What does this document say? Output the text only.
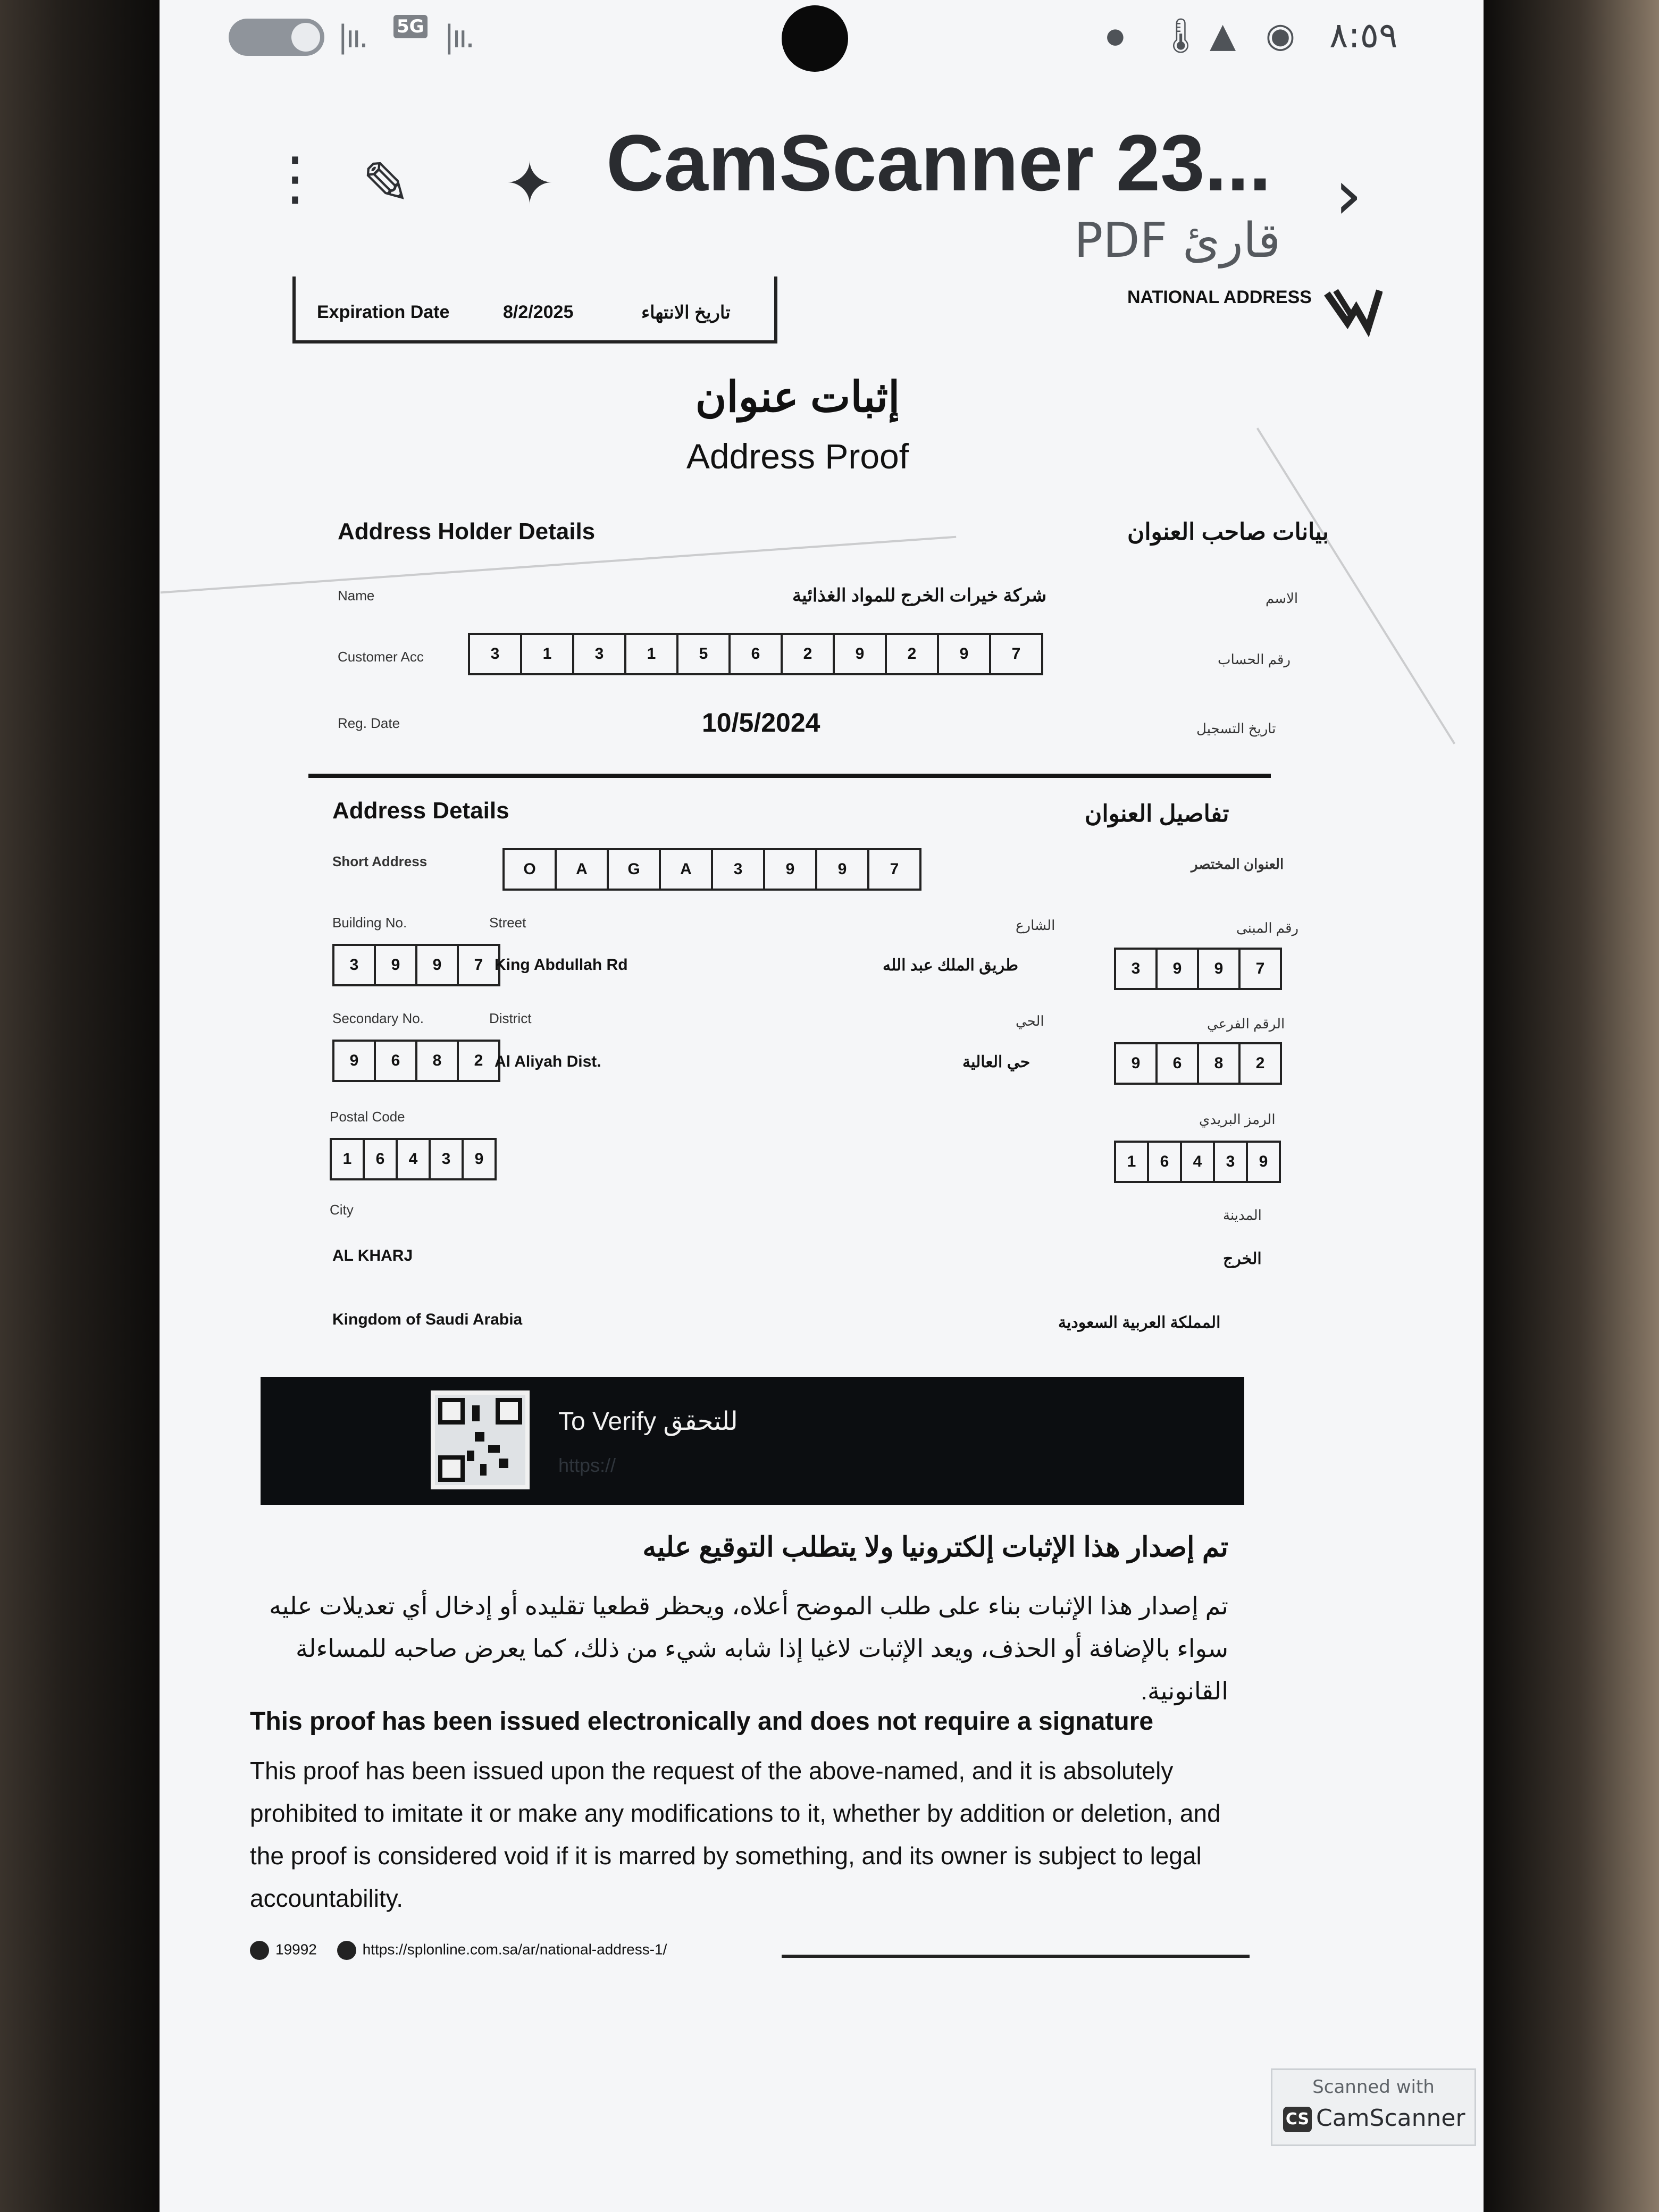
|ıı. 5G |ıı.	● 🌡 ▲ ◉ ٨:٥٩
⋮ ✎ ✦ CamScanner 23...
PDF قارئ
›
Expiration Date	8/2/2025	تاريخ الانتهاء
NATIONAL ADDRESS
إثبات عنوان
Address Proof
Address Holder Details	بيانات صاحب العنوان
Name	شركة خيرات الخرج للمواد الغذائية	الاسم
Customer Acc	3	1	3	1	5	6	2	9	2	9	7	رقم الحساب
Reg. Date	10/5/2024	تاريخ التسجيل
Address Details	تفاصيل العنوان
Short Address	O	A	G	A	3	9	9	7	العنوان المختصر
Building No.	Street	الشارع	رقم المبنى
3	9	9	7 King Abdullah Rd	طريق الملك عبد الله	3	9	9	7
Secondary No.	District	الحي	الرقم الفرعي
9	6	8	2 Al Aliyah Dist.	حي العالية	9	6	8	2
Postal Code	الرمز البريدي
1	6	4	3	9	1	6	4	3	9
City	المدينة
AL KHARJ	الخرج
Kingdom of Saudi Arabia	المملكة العربية السعودية
To Verify للتحقق
https://
تم إصدار هذا الإثبات إلكترونيا ولا يتطلب التوقيع عليه
تم إصدار هذا الإثبات بناء على طلب الموضح أعلاه، ويحظر قطعيا تقليده أو إدخال أي تعديلات عليه سواء بالإضافة أو الحذف، ويعد الإثبات لاغيا إذا شابه شيء من ذلك، كما يعرض صاحبه للمساءلة القانونية.
This proof has been issued electronically and does not require a signature
This proof has been issued upon the request of the above-named, and it is absolutely prohibited to imitate it or make any modifications to it, whether by addition or deletion, and the proof is considered void if it is marred by something, and its owner is subject to legal accountability.
19992	https://splonline.com.sa/ar/national-address-1/
Scanned with
CS CamScanner
